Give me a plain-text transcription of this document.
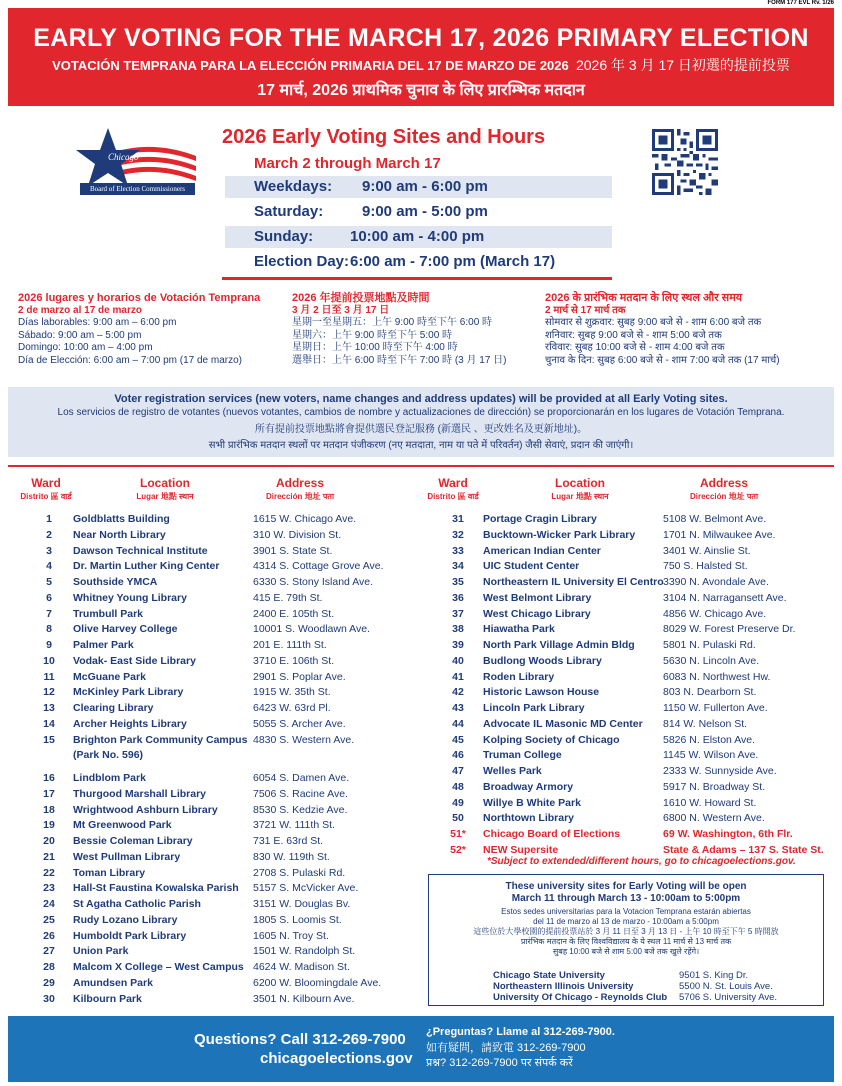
FORM 177 EVL Rv. 1/26
EARLY VOTING FOR THE MARCH 17, 2026 PRIMARY ELECTION
VOTACIÓN TEMPRANA PARA LA ELECCIÓN PRIMARIA DEL 17 DE MARZO DE 2026 2026 年 3 月 17 日初選的提前投票
17 मार्च, 2026 प्राथमिक चुनाव के लिए प्रारम्भिक मतदान
Chicago
Board of Election Commissioners
2026 Early Voting Sites and Hours
March 2 through March 17
Weekdays: 9:00 am - 6:00 pm
Saturday:	9:00 am - 5:00 pm
Sunday: 10:00 am - 4:00 pm
Election Day: 6:00 am - 7:00 pm (March 17)
2026 lugares y horarios de Votación Temprana
2 de marzo al 17 de marzo
Días laborables: 9:00 am – 6:00 pm
Sábado: 9:00 am – 5:00 pm
Domingo: 10:00 am – 4:00 pm
Día de Elección: 6:00 am – 7:00 pm (17 de marzo)
2026 年提前投票地點及時間
3 月 2 日至 3 月 17 日
星期一至星期五：上午 9:00 時至下午 6:00 時
星期六：上午 9:00 時至下午 5:00 時
星期日：上午 10:00 時至下午 4:00 時
選舉日：上午 6:00 時至下午 7:00 時 (3 月 17 日)
2026 के प्रारंभिक मतदान के लिए स्थल और समय
2 मार्च से 17 मार्च तक
सोमवार से शुक्रवार: सुबह 9:00 बजे से - शाम 6:00 बजे तक
शनिवार: सुबह 9:00 बजे से - शाम 5:00 बजे तक
रविवार: सुबह 10:00 बजे से - शाम 4:00 बजे तक
चुनाव के दिन: सुबह 6:00 बजे से - शाम 7:00 बजे तक (17 मार्च)
Voter registration services (new voters, name changes and address updates) will be provided at all Early Voting sites.
Los servicios de registro de votantes (nuevos votantes, cambios de nombre y actualizaciones de dirección) se proporcionarán en los lugares de Votación Temprana.
所有提前投票地點將會提供選民登記服務 (新選民 、更改姓名及更新地址)。
सभी प्रारंभिक मतदान स्थलों पर मतदान पंजीकरण (नए मतदाता, नाम या पते में परिवर्तन) जैसी सेवाएं, प्रदान की जाएंगी।
Ward
Distrito 區 वार्ड
Location
Lugar 地點 स्थान
Address
Dirección 地址 पता
Ward
Distrito 區 वार्ड
Location
Lugar 地點 स्थान
Address
Dirección 地址 पता
1	Goldblatts Building	1615 W. Chicago Ave.
2	Near North Library	310 W. Division St.
3	Dawson Technical Institute	3901 S. State St.
4	Dr. Martin Luther King Center	4314 S. Cottage Grove Ave.
5	Southside YMCA	6330 S. Stony Island Ave.
6	Whitney Young Library	415 E. 79th St.
7	Trumbull Park	2400 E. 105th St.
8	Olive Harvey College	10001 S. Woodlawn Ave.
9	Palmer Park	201 E. 111th St.
10	Vodak- East Side Library	3710 E. 106th St.
11	McGuane Park	2901 S. Poplar Ave.
12	McKinley Park Library	1915 W. 35th St.
13	Clearing Library	6423 W. 63rd Pl.
14	Archer Heights Library	5055 S. Archer Ave.
15	Brighton Park Community Campus 4830 S. Western Ave.
(Park No. 596)
16	Lindblom Park	6054 S. Damen Ave.
17	Thurgood Marshall Library	7506 S. Racine Ave.
18	Wrightwood Ashburn Library	8530 S. Kedzie Ave.
19	Mt Greenwood Park	3721 W. 111th St.
20	Bessie Coleman Library	731 E. 63rd St.
21	West Pullman Library	830 W. 119th St.
22	Toman Library	2708 S. Pulaski Rd.
23	Hall-St Faustina Kowalska Parish 5157 S. McVicker Ave.
24	St Agatha Catholic Parish	3151 W. Douglas Bv.
25	Rudy Lozano Library	1805 S. Loomis St.
26	Humboldt Park Library	1605 N. Troy St.
27	Union Park	1501 W. Randolph St.
28	Malcom X College – West Campus 4624 W. Madison St.
29	Amundsen Park	6200 W. Bloomingdale Ave.
30	Kilbourn Park	3501 N. Kilbourn Ave.
31	Portage Cragin Library	5108 W. Belmont Ave.
32	Bucktown-Wicker Park Library	1701 N. Milwaukee Ave.
33	American Indian Center	3401 W. Ainslie St.
34	UIC Student Center	750 S. Halsted St.
35	Northeastern IL University El Centro 3390 N. Avondale Ave.
36	West Belmont Library	3104 N. Narragansett Ave.
37	West Chicago Library	4856 W. Chicago Ave.
38	Hiawatha Park	8029 W. Forest Preserve Dr.
39	North Park Village Admin Bldg	5801 N. Pulaski Rd.
40	Budlong Woods Library	5630 N. Lincoln Ave.
41	Roden Library	6083 N. Northwest Hw.
42	Historic Lawson House	803 N. Dearborn St.
43	Lincoln Park Library	1150 W. Fullerton Ave.
44	Advocate IL Masonic MD Center 814 W. Nelson St.
45	Kolping Society of Chicago	5826 N. Elston Ave.
46	Truman College	1145 W. Wilson Ave.
47	Welles Park	2333 W. Sunnyside Ave.
48	Broadway Armory	5917 N. Broadway St.
49	Willye B White Park	1610 W. Howard St.
50	Northtown Library	6800 N. Western Ave.
51*	Chicago Board of Elections	69 W. Washington, 6th Flr.
52*	NEW Supersite	State & Adams – 137 S. State St.
*Subject to extended/different hours, go to chicagoelections.gov.
These university sites for Early Voting will be open
March 11 through March 13 - 10:00am to 5:00pm
Estos sedes universitarias para la Votacion Temprana estarán abiertas
del 11 de marzo al 13 de marzo - 10:00am a 5:00pm
這些位於大學校園的提前投票站於 3 月 11 日至 3 月 13 日 - 上午 10 時至下午 5 時開放
प्रारंभिक मतदान के लिए विश्वविद्यालय के ये स्थल 11 मार्च से 13 मार्च तक
सुबह 10:00 बजे से शाम 5:00 बजे तक खुले रहेंगे।
Chicago State University	9501 S. King Dr.
Northeastern Illinois University	5500 N. St. Louis Ave.
University Of Chicago - Reynolds Club 5706 S. University Ave.
Questions? Call 312-269-7900
chicagoelections.gov
¿Preguntas? Llame al 312-269-7900.
如有疑問，請致電 312-269-7900
प्रश्न? 312-269-7900 पर संपर्क करें
